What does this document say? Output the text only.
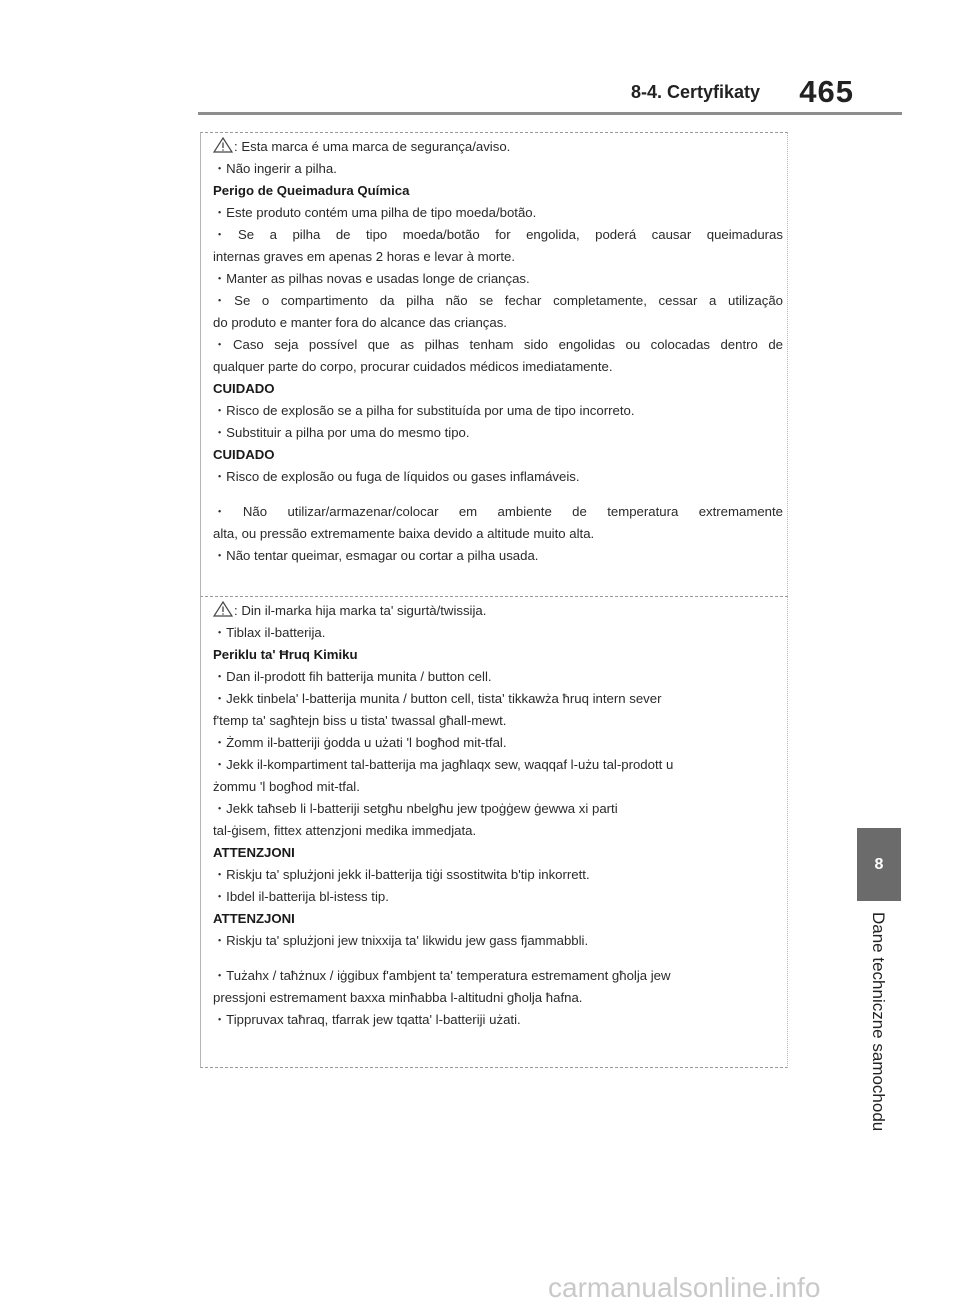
8-4. Certyfikaty	465
: Esta marca é uma marca de segurança/aviso.
・Não ingerir a pilha.
Perigo de Queimadura Química
・Este produto contém uma pilha de tipo moeda/botão.
・Se a pilha de tipo moeda/botão for engolida, poderá causar queimaduras
internas graves em apenas 2 horas e levar à morte.
・Manter as pilhas novas e usadas longe de crianças.
・Se o compartimento da pilha não se fechar completamente, cessar a utilização
do produto e manter fora do alcance das crianças.
・Caso seja possível que as pilhas tenham sido engolidas ou colocadas dentro de
qualquer parte do corpo, procurar cuidados médicos imediatamente.
CUIDADO
・Risco de explosão se a pilha for substituída por uma de tipo incorreto.
・Substituir a pilha por uma do mesmo tipo.
CUIDADO
・Risco de explosão ou fuga de líquidos ou gases inflamáveis.
・Não utilizar/armazenar/colocar em ambiente de temperatura extremamente
alta, ou pressão extremamente baixa devido a altitude muito alta.
・Não tentar queimar, esmagar ou cortar a pilha usada.
: Din il-marka hija marka ta' sigurtà/twissija.
・Tiblax il-batterija.
Periklu ta' Ħruq Kimiku
・Dan il-prodott fih batterija munita / button cell.
・Jekk tinbela' l-batterija munita / button cell, tista' tikkawża ħruq intern sever
f'temp ta' sagħtejn biss u tista' twassal għall-mewt.
・Żomm il-batteriji ġodda u użati 'l bogħod mit-tfal.
・Jekk il-kompartiment tal-batterija ma jagħlaqx sew, waqqaf l-użu tal-prodott u
żommu 'l bogħod mit-tfal.
・Jekk taħseb li l-batteriji setgħu nbelgħu jew tpoġġew ġewwa xi parti
tal-ġisem, fittex attenzjoni medika immedjata.
ATTENZJONI
・Riskju ta' splużjoni jekk il-batterija tiġi ssostitwita b'tip inkorrett.
・Ibdel il-batterija bl-istess tip.
ATTENZJONI
・Riskju ta' splużjoni jew tnixxija ta' likwidu jew gass fjammabbli.
・Tużahx / taħżnux / iġgibux f'ambjent ta' temperatura estremament għolja jew
pressjoni estremament baxxa minħabba l-altitudni għolja ħafna.
・Tippruvax taħraq, tfarrak jew tqatta' l-batteriji użati.
8
Dane techniczne samochodu
carmanualsonline.info
